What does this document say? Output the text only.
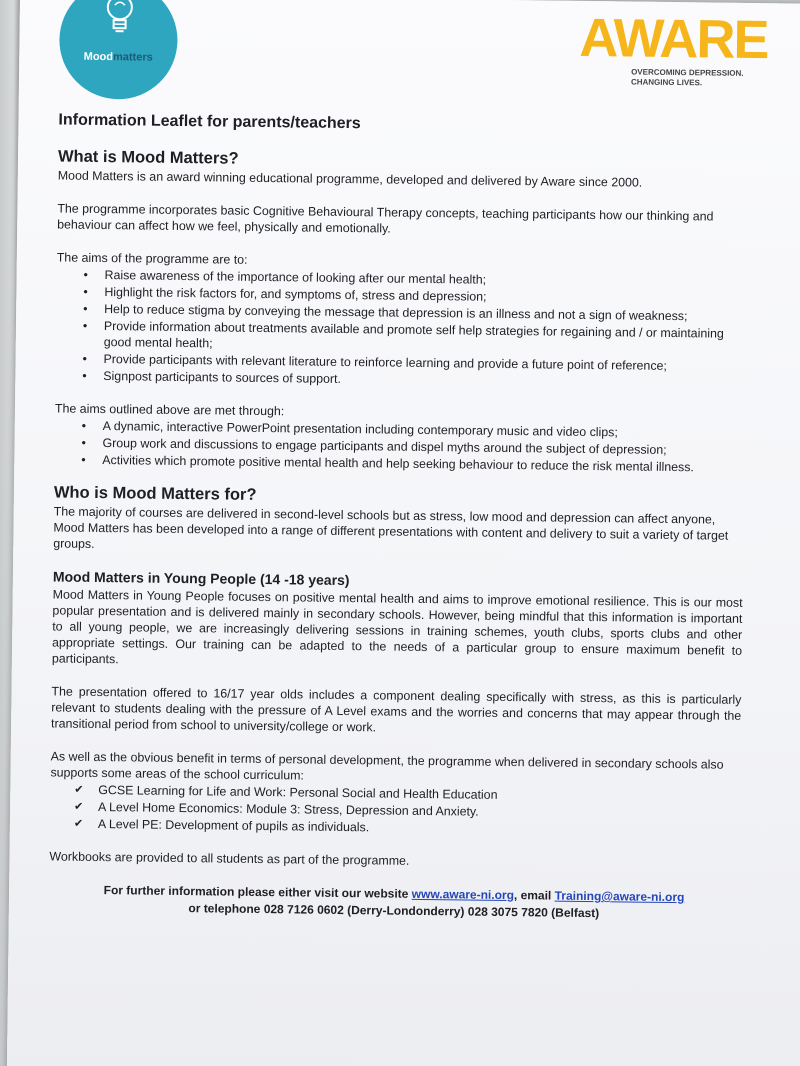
Moodmatters	AWARE
OVERCOMING DEPRESSION.
CHANGING LIVES.
Information Leaflet for parents/teachers
What is Mood Matters?

Mood Matters is an award winning educational programme, developed and delivered by Aware since 2000.

The programme incorporates basic Cognitive Behavioural Therapy concepts, teaching participants how our thinking and behaviour can affect how we feel, physically and emotionally.

The aims of the programme are to:
• Raise awareness of the importance of looking after our mental health;
• Highlight the risk factors for, and symptoms of, stress and depression;
• Help to reduce stigma by conveying the message that depression is an illness and not a sign of weakness;
• Provide information about treatments available and promote self help strategies for regaining and / or maintaining good mental health;
• Provide participants with relevant literature to reinforce learning and provide a future point of reference;
• Signpost participants to sources of support.
The aims outlined above are met through:
• A dynamic, interactive PowerPoint presentation including contemporary music and video clips;
• Group work and discussions to engage participants and dispel myths around the subject of depression;
• Activities which promote positive mental health and help seeking behaviour to reduce the risk mental illness.
Who is Mood Matters for?

The majority of courses are delivered in second-level schools but as stress, low mood and depression can affect anyone, Mood Matters has been developed into a range of different presentations with content and delivery to suit a variety of target groups.

Mood Matters in Young People (14 -18 years)

Mood Matters in Young People focuses on positive mental health and aims to improve emotional resilience. This is our most popular presentation and is delivered mainly in secondary schools. However, being mindful that this information is important to all young people, we are increasingly delivering sessions in training schemes, youth clubs, sports clubs and other appropriate settings. Our training can be adapted to the needs of a particular group to ensure maximum benefit to participants.

The presentation offered to 16/17 year olds includes a component dealing specifically with stress, as this is particularly relevant to students dealing with the pressure of A Level exams and the worries and concerns that may appear through the transitional period from school to university/college or work.

As well as the obvious benefit in terms of personal development, the programme when delivered in secondary schools also supports some areas of the school curriculum:
✔ GCSE Learning for Life and Work: Personal Social and Health Education
✔ A Level Home Economics: Module 3: Stress, Depression and Anxiety.
✔ A Level PE: Development of pupils as individuals.

Workbooks are provided to all students as part of the programme.

For further information please either visit our website www.aware-ni.org, email Training@aware-ni.org
or telephone 028 7126 0602 (Derry-Londonderry) 028 3075 7820 (Belfast)
